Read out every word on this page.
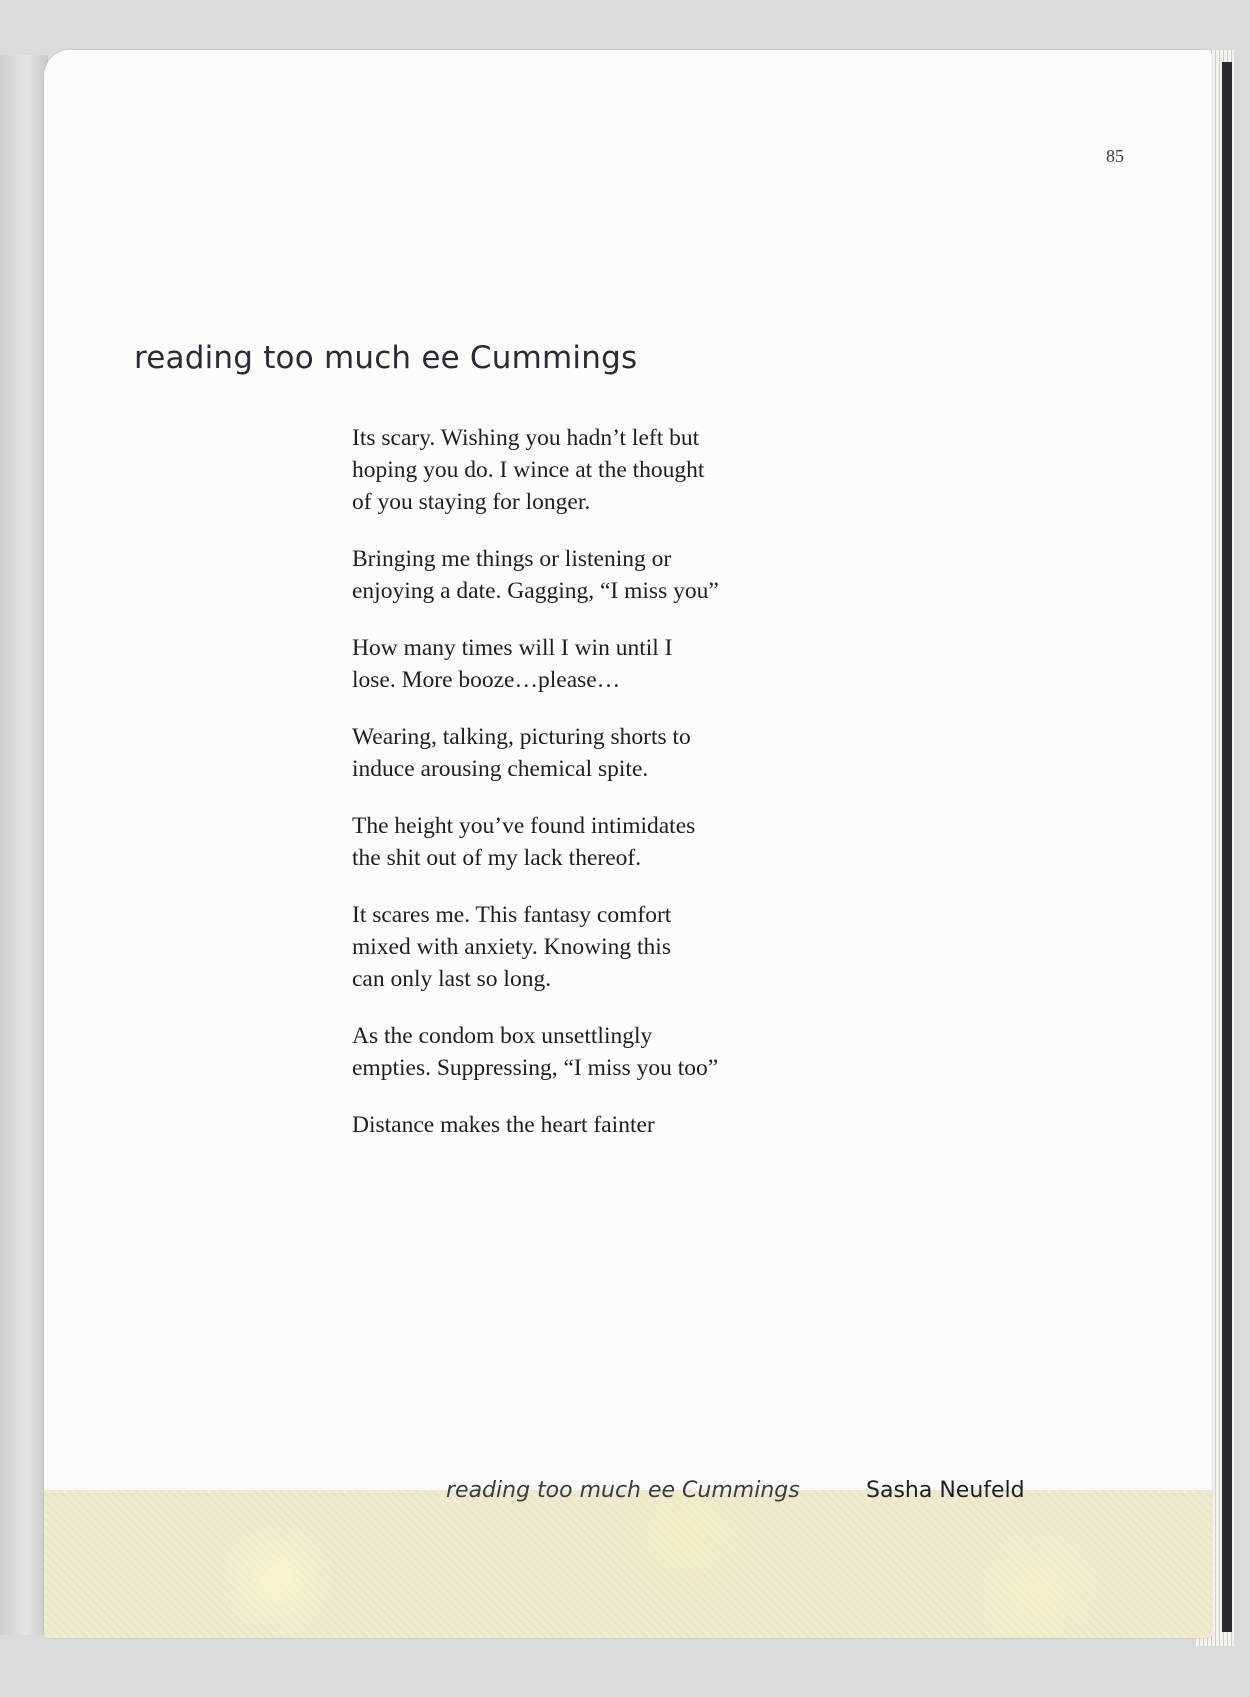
85
reading too much ee Cummings

Its scary. Wishing you hadn’t left but
hoping you do. I wince at the thought
of you staying for longer.

Bringing me things or listening or
enjoying a date. Gagging, “I miss you”

How many times will I win until I
lose. More booze…please…

Wearing, talking, picturing shorts to
induce arousing chemical spite.

The height you’ve found intimidates
the shit out of my lack thereof.

It scares me. This fantasy comfort
mixed with anxiety. Knowing this
can only last so long.

As the condom box unsettlingly
empties. Suppressing, “I miss you too”

Distance makes the heart fainter

reading too much ee Cummings	Sasha Neufeld
